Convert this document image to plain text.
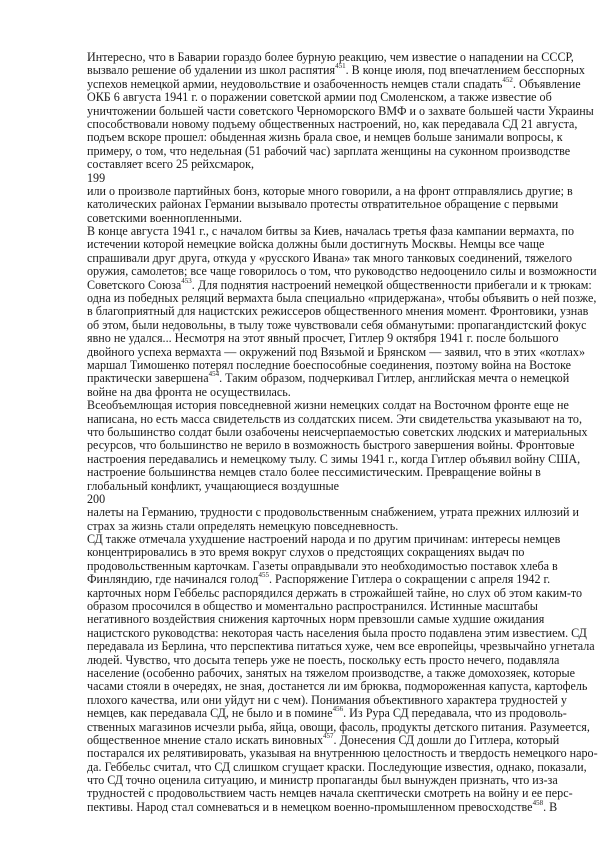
Интересно, что в Баварии гораздо более бурную реакцию, чем известие о нападении на СССР,
вызвало решение об удалении из школ распятия$^{451}$. В конце июля, под впечатлением бесспорных
успехов немецкой армии, неудовольствие и озабоченность немцев стали спадать$^{452}$. Объявление
ОКБ 6 августа 1941 г. о поражении советской армии под Смоленском, а также известие об
уничтожении большей части советского Черноморского ВМФ и о захвате большей части Украины
способствовали новому подъему общественных настроений, но, как передавала СД 21 августа,
подъем вскоре прошел: обыденная жизнь брала свое, и немцев больше занимали вопросы, к
примеру, о том, что недельная (51 рабочий час) зарплата женщины на суконном производстве
составляет всего 25 рейхсмарок,
199
или о произволе партийных бонз, которые много говорили, а на фронт отправлялись другие; в
католических районах Германии вызывало протесты отвратительное обращение с первыми
советскими военнопленными.
В конце августа 1941 г., с началом битвы за Киев, началась третья фаза кампании вермахта, по
истечении которой немецкие войска должны были достигнуть Москвы. Немцы все чаще
спрашивали друг друга, откуда у «русского Ивана» так много танковых соединений, тяжелого
оружия, самолетов; все чаще говорилось о том, что руководство недооценило силы и возможности
Советского Союза$^{453}$. Для поднятия настроений немецкой общественности прибегали и к трюкам:
одна из победных реляций вермахта была специально «придержана», чтобы объявить о ней позже,
в благоприятный для нацистских режиссеров общественного мнения момент. Фронтовики, узнав
об этом, были недовольны, в тылу тоже чувствовали себя обманутыми: пропагандистский фокус
явно не удался... Несмотря на этот явный просчет, Гитлер 9 октября 1941 г. после большого
двойного успеха вермахта — окружений под Вязьмой и Брянском — заявил, что в этих «котлах»
маршал Тимошенко потерял последние боеспособные соединения, поэтому война на Востоке
практически завершена$^{454}$. Таким образом, подчеркивал Гитлер, английская мечта о немецкой
войне на два фронта не осуществилась.
Всеобъемлющая история повседневной жизни немецких солдат на Восточном фронте еще не
написана, но есть масса свидетельств из солдатских писем. Эти свидетельства указывают на то,
что большинство солдат были озабочены неисчерпаемостью советских людских и материальных
ресурсов, что большинство не верило в возможность быстрого завершения войны. Фронтовые
настроения передавались и немецкому тылу. С зимы 1941 г., когда Гитлер объявил войну США,
настроение большинства немцев стало более пессимистическим. Превращение войны в
глобальный конфликт, учащающиеся воздушные
200
налеты на Германию, трудности с продовольственным снабжением, утрата прежних иллюзий и
страх за жизнь стали определять немецкую повседневность.
СД также отмечала ухудшение настроений народа и по другим причинам: интересы немцев
концентрировались в это время вокруг слухов о предстоящих сокращениях выдач по
продовольственным карточкам. Газеты оправдывали это необходимостью поставок хлеба в
Финляндию, где начинался голод$^{455}$. Распоряжение Гитлера о сокращении с апреля 1942 г.
карточных норм Геббельс распорядился держать в строжайшей тайне, но слух об этом каким-то
образом просочился в общество и моментально распространился. Истинные масштабы
негативного воздействия снижения карточных норм превзошли самые худшие ожидания
нацистского руководства: некоторая часть населения была просто подавлена этим известием. СД
передавала из Берлина, что перспектива питаться хуже, чем все европейцы, чрезвычайно угнетала
людей. Чувство, что досыта теперь уже не поесть, поскольку есть просто нечего, подавляла
население (особенно рабочих, занятых на тяжелом производстве, а также домохозяек, которые
часами стояли в очередях, не зная, достанется ли им брюква, подмороженная капуста, картофель
плохого качества, или они уйдут ни с чем). Понимания объективного характера трудностей у
немцев, как передавала СД, не было и в помине$^{456}$. Из Рура СД передавала, что из продоволь-
ственных магазинов исчезли рыба, яйца, овощи, фасоль, продукты детского питания. Разумеется,
общественное мнение стало искать виновных$^{457}$. Донесения СД дошли до Гитлера, который
постарался их релятивировать, указывая на внутреннюю целостность и твердость немецкого наро-
да. Геббельс считал, что СД слишком сгущает краски. Последующие известия, однако, показали,
что СД точно оценила ситуацию, и министр пропаганды был вынужден признать, что из-за
трудностей с продовольствием часть немцев начала скептически смотреть на войну и ее перс-
пективы. Народ стал сомневаться и в немецком военно-промышленном превосходстве$^{458}$. В
